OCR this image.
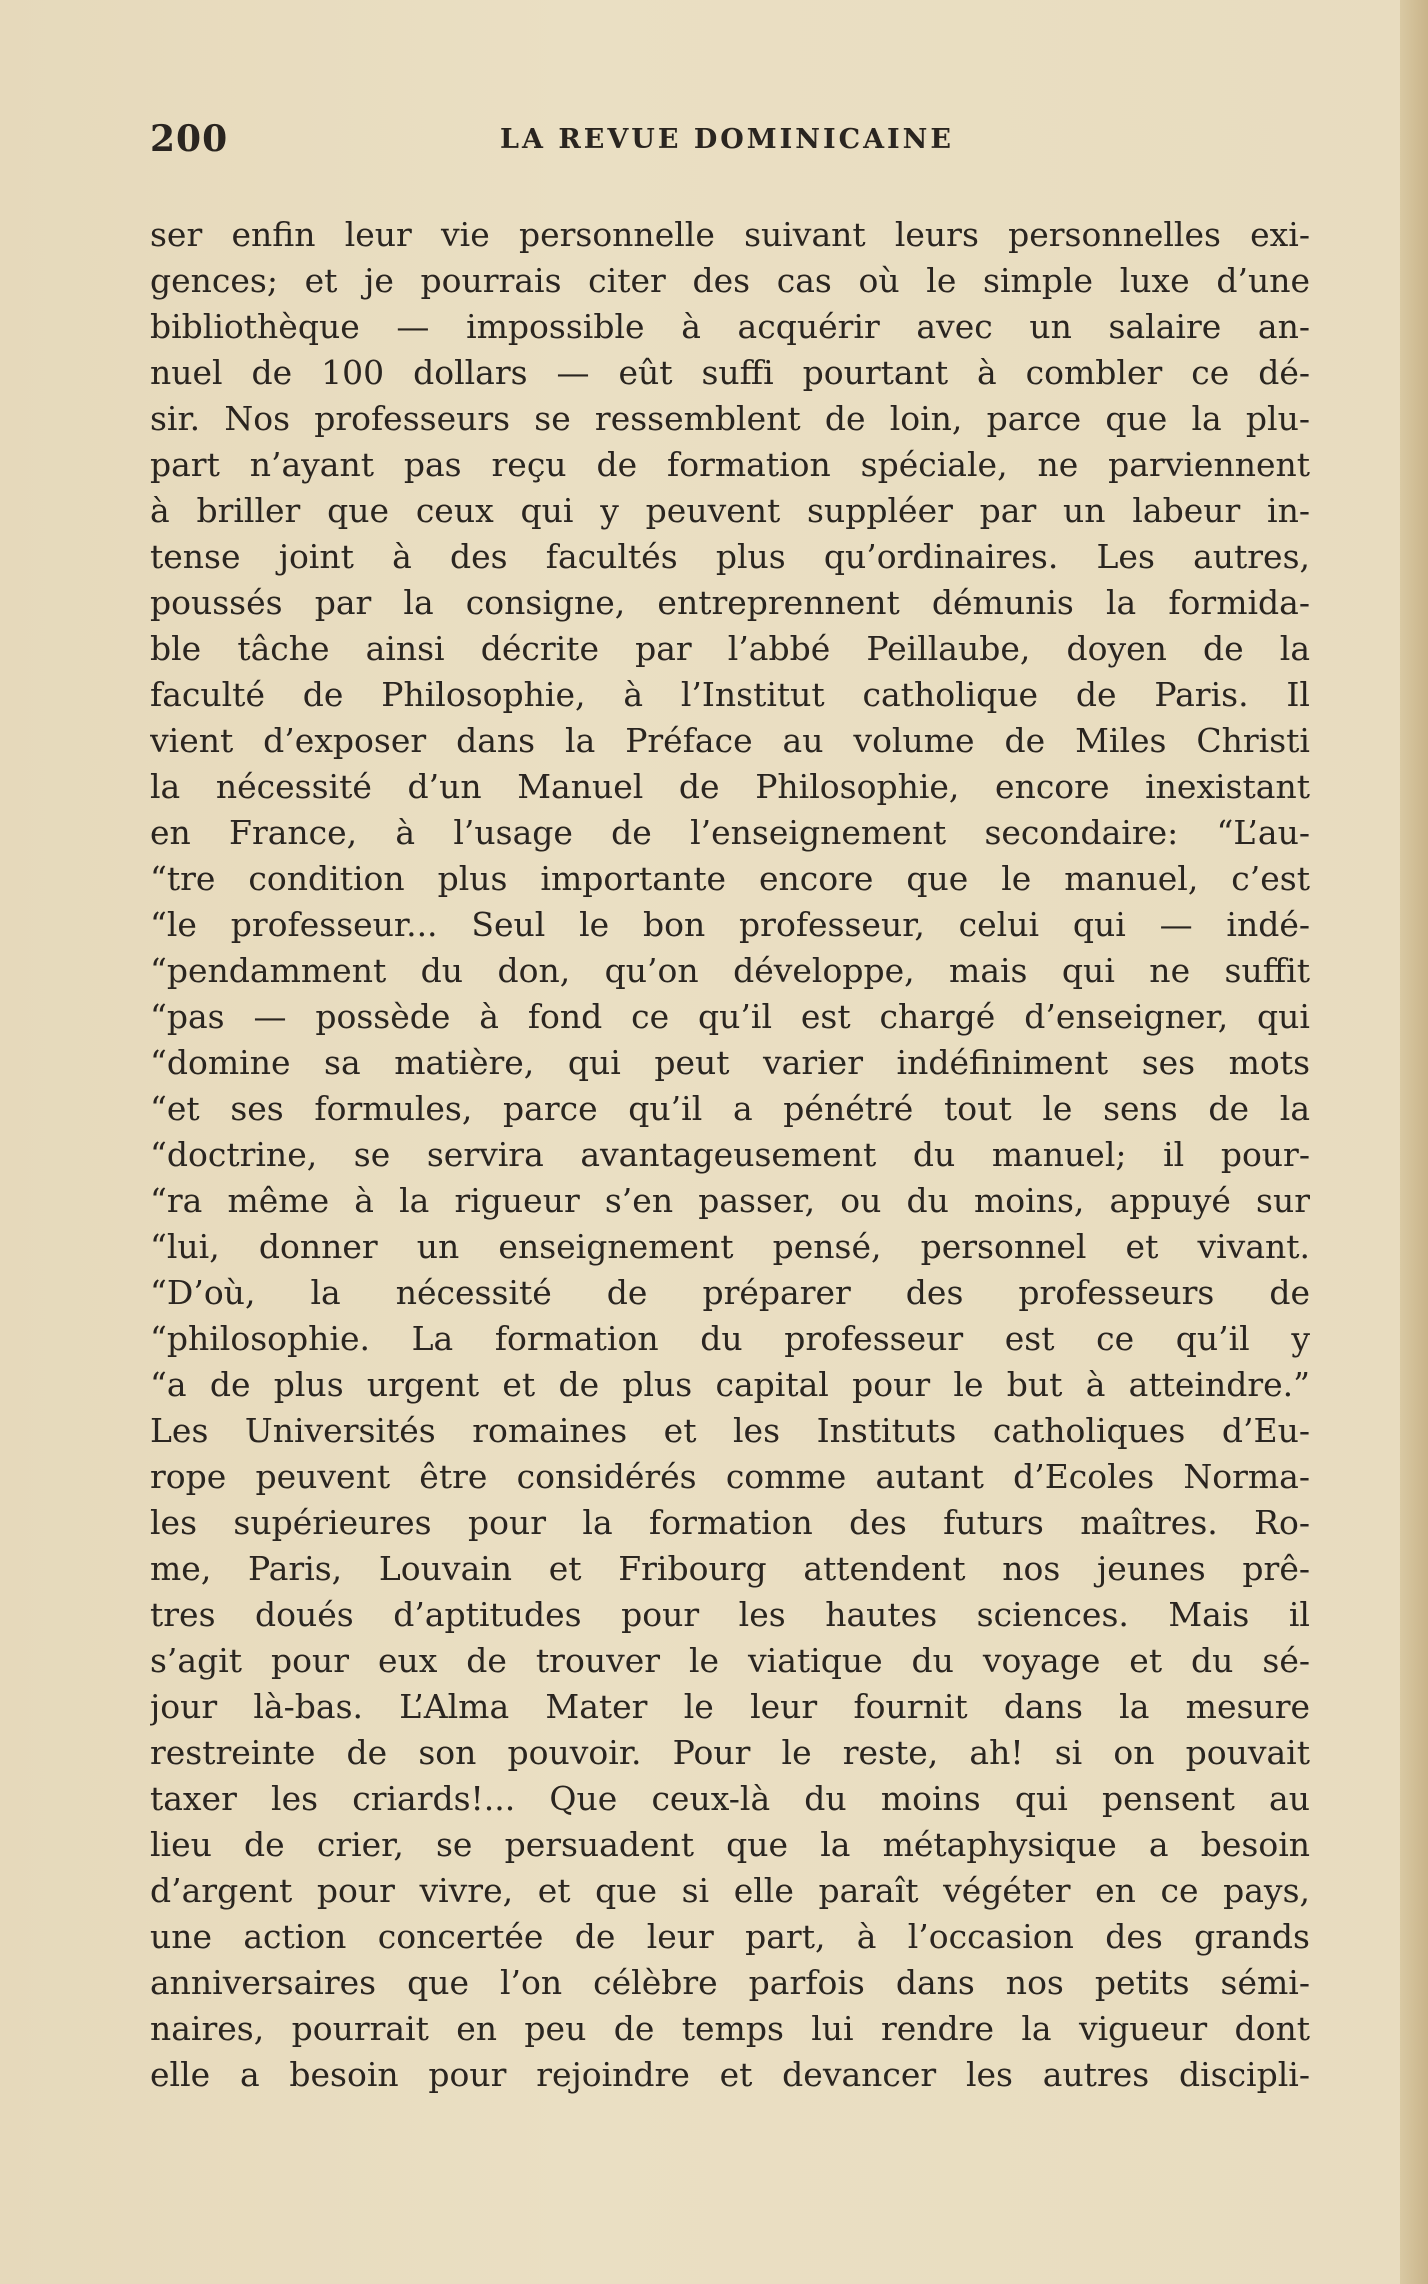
200	LA REVUE DOMINICAINE
ser enfin leur vie personnelle suivant leurs personnelles exi-
gences; et je pourrais citer des cas où le simple luxe d’une
bibliothèque — impossible à acquérir avec un salaire an-
nuel de 100 dollars — eût suffi pourtant à combler ce dé-
sir. Nos professeurs se ressemblent de loin, parce que la plu-
part n’ayant pas reçu de formation spéciale, ne parviennent
à briller que ceux qui y peuvent suppléer par un labeur in-
tense joint à des facultés plus qu’ordinaires. Les autres,
poussés par la consigne, entreprennent démunis la formida-
ble tâche ainsi décrite par l’abbé Peillaube, doyen de la
faculté de Philosophie, à l’Institut catholique de Paris. Il
vient d’exposer dans la Préface au volume de Miles Christi
la nécessité d’un Manuel de Philosophie, encore inexistant
en France, à l’usage de l’enseignement secondaire: “L’au-
“tre condition plus importante encore que le manuel, c’est
“le professeur... Seul le bon professeur, celui qui — indé-
“pendamment du don, qu’on développe, mais qui ne suffit
“pas — possède à fond ce qu’il est chargé d’enseigner, qui
“domine sa matière, qui peut varier indéfiniment ses mots
“et ses formules, parce qu’il a pénétré tout le sens de la
“doctrine, se servira avantageusement du manuel; il pour-
“ra même à la rigueur s’en passer, ou du moins, appuyé sur
“lui, donner un enseignement pensé, personnel et vivant.
“D’où, la nécessité de préparer des professeurs de
“philosophie. La formation du professeur est ce qu’il y
“a de plus urgent et de plus capital pour le but à atteindre.”
Les Universités romaines et les Instituts catholiques d’Eu-
rope peuvent être considérés comme autant d’Ecoles Norma-
les supérieures pour la formation des futurs maîtres. Ro-
me, Paris, Louvain et Fribourg attendent nos jeunes prê-
tres doués d’aptitudes pour les hautes sciences. Mais il
s’agit pour eux de trouver le viatique du voyage et du sé-
jour là-bas. L’Alma Mater le leur fournit dans la mesure
restreinte de son pouvoir. Pour le reste, ah! si on pouvait
taxer les criards!... Que ceux-là du moins qui pensent au
lieu de crier, se persuadent que la métaphysique a besoin
d’argent pour vivre, et que si elle paraît végéter en ce pays,
une action concertée de leur part, à l’occasion des grands
anniversaires que l’on célèbre parfois dans nos petits sémi-
naires, pourrait en peu de temps lui rendre la vigueur dont
elle a besoin pour rejoindre et devancer les autres discipli-
